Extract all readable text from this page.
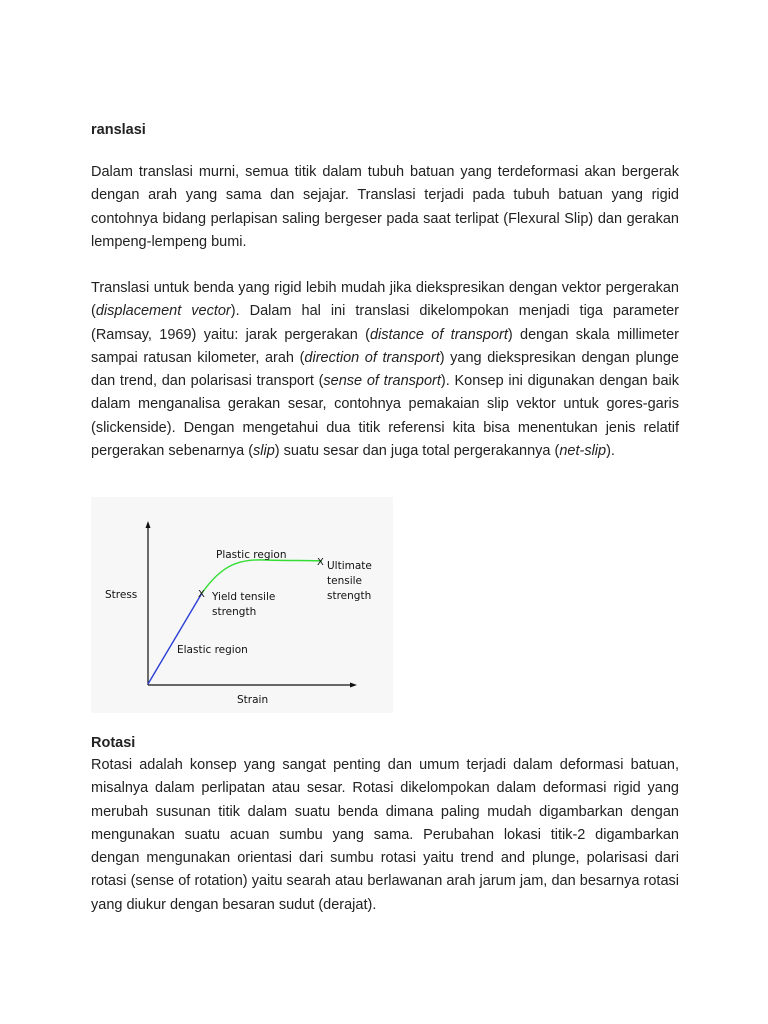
ranslasi
Dalam translasi murni, semua titik dalam tubuh batuan yang terdeformasi akan bergerak dengan arah yang sama dan sejajar. Translasi terjadi pada tubuh batuan yang rigid contohnya bidang perlapisan saling bergeser pada saat terlipat (Flexural Slip) dan gerakan lempeng-lempeng bumi.
Translasi untuk benda yang rigid lebih mudah jika diekspresikan dengan vektor pergerakan (displacement vector). Dalam hal ini translasi dikelompokan menjadi tiga parameter (Ramsay, 1969) yaitu: jarak pergerakan (distance of transport) dengan skala millimeter sampai ratusan kilometer, arah (direction of transport) yang diekspresikan dengan plunge dan trend, dan polarisasi transport (sense of transport). Konsep ini digunakan dengan baik dalam menganalisa gerakan sesar, contohnya pemakaian slip vektor untuk gores-garis (slickenside). Dengan mengetahui dua titik referensi kita bisa menentukan jenis relatif pergerakan sebenarnya (slip) suatu sesar dan juga total pergerakannya (net-slip).
X
X
Plastic region
Ultimate
tensile
strength
Yield tensile
strength
Stress
Elastic region
Strain
Rotasi
Rotasi adalah konsep yang sangat penting dan umum terjadi dalam deformasi batuan, misalnya dalam perlipatan atau sesar. Rotasi dikelompokan dalam deformasi rigid yang merubah susunan titik dalam suatu benda dimana paling mudah digambarkan dengan mengunakan suatu acuan sumbu yang sama. Perubahan lokasi titik-2 digambarkan dengan mengunakan orientasi dari sumbu rotasi yaitu trend and plunge, polarisasi dari rotasi (sense of rotation) yaitu searah atau berlawanan arah jarum jam, dan besarnya rotasi yang diukur dengan besaran sudut (derajat).
